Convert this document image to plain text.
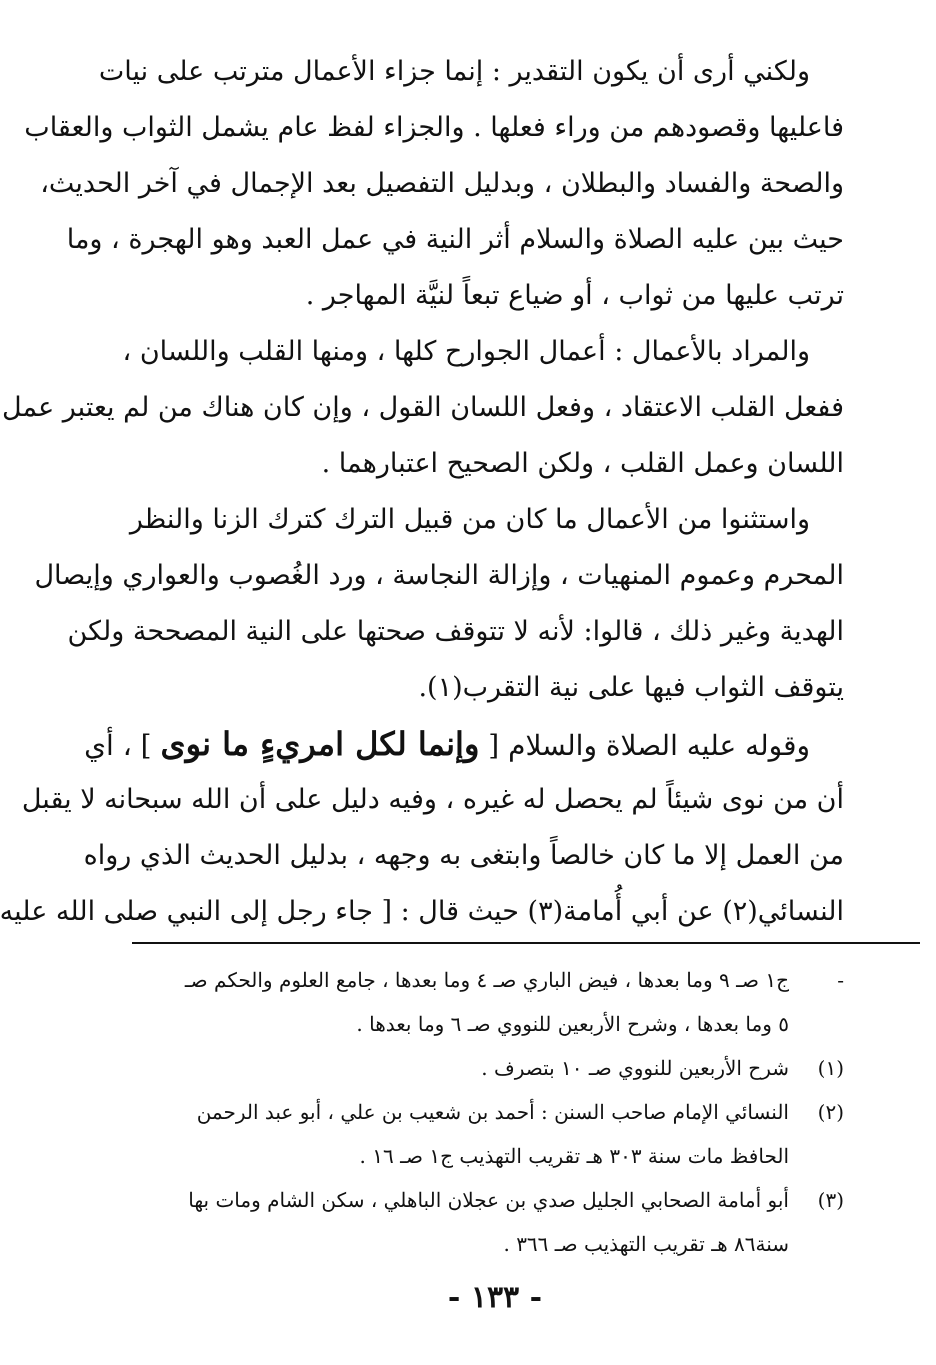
ولكني أرى أن يكون التقدير : إنما جزاء الأعمال مترتب على نيات
فاعليها وقصودهم من وراء فعلها . والجزاء لفظ عام يشمل الثواب والعقاب
والصحة والفساد والبطلان ، وبدليل التفصيل بعد الإجمال في آخر الحديث،
حيث بين عليه الصلاة والسلام أثر النية في عمل العبد وهو الهجرة ، وما
ترتب عليها من ثواب ، أو ضياع تبعاً لنيَّة المهاجر .
والمراد بالأعمال : أعمال الجوارح كلها ، ومنها القلب واللسان ،
ففعل القلب الاعتقاد ، وفعل اللسان القول ، وإن كان هناك من لم يعتبر عمل
اللسان وعمل القلب ، ولكن الصحيح اعتبارهما .
واستثنوا من الأعمال ما كان من قبيل الترك كترك الزنا والنظر
المحرم وعموم المنهيات ، وإزالة النجاسة ، ورد الغُصوب والعواري وإيصال
الهدية وغير ذلك ، قالوا: لأنه لا تتوقف صحتها على النية المصححة ولكن
يتوقف الثواب فيها على نية التقرب(١).
وقوله عليه الصلاة والسلام [ وإنما لكل امريءٍ ما نوى ] ، أي
أن من نوى شيئاً لم يحصل له غيره ، وفيه دليل على أن الله سبحانه لا يقبل
من العمل إلا ما كان خالصاً وابتغى به وجهه ، بدليل الحديث الذي رواه
النسائي(٢) عن أبي أُمامة(٣) حيث قال : [ جاء رجل إلى النبي صلى الله عليه
-
ج١ صـ ٩ وما بعدها ، فيض الباري صـ ٤ وما بعدها ، جامع العلوم والحكم صـ
٥ وما بعدها ، وشرح الأربعين للنووي صـ ٦ وما بعدها .
(١)
شرح الأربعين للنووي صـ ١٠ بتصرف .
(٢)
النسائي الإمام صاحب السنن : أحمد بن شعيب بن علي ، أبو عبد الرحمن
الحافظ مات سنة ٣٠٣ هـ تقريب التهذيب ج١ صـ ١٦ .
(٣)
أبو أمامة الصحابي الجليل صدي بن عجلان الباهلي ، سكن الشام ومات بها
سنة٨٦ هـ تقريب التهذيب صـ ٣٦٦ .
- ١٣٣ -
